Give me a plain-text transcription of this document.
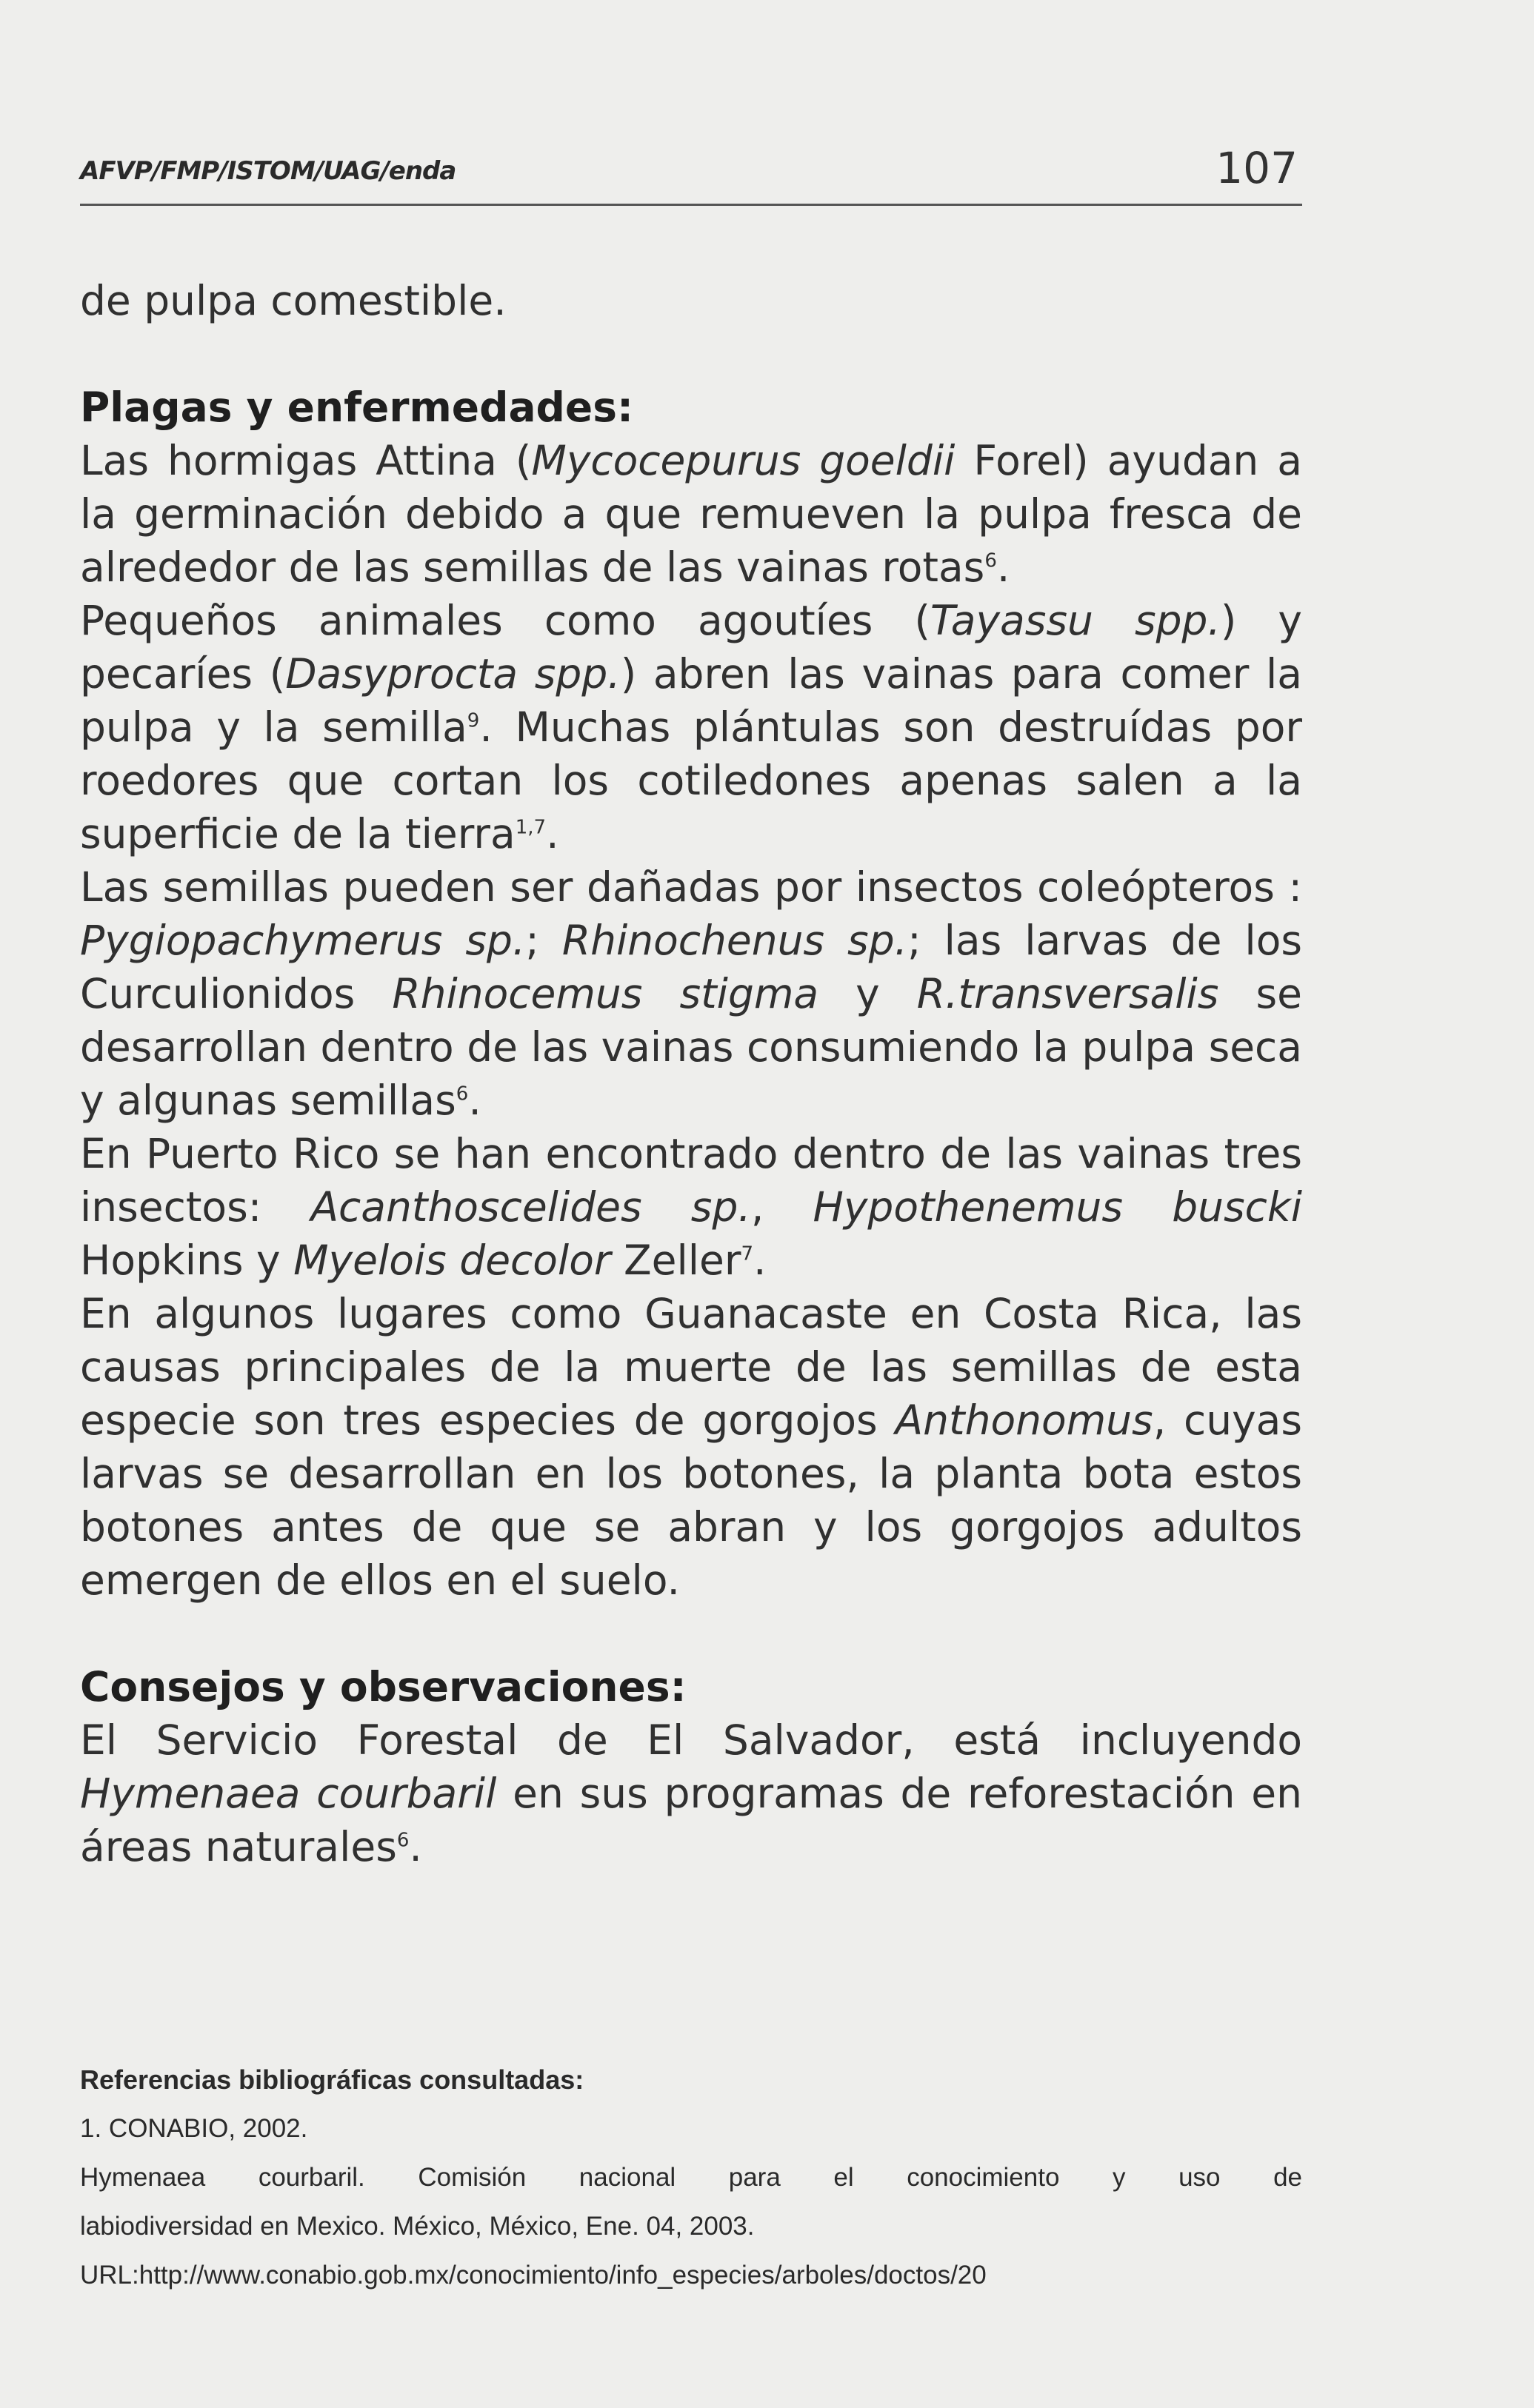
AFVP/FMP/ISTOM/UAG/enda	107

de pulpa comestible.

Plagas y enfermedades:

Las hormigas Attina (Mycocepurus goeldii Forel) ayudan a la germinación debido a que remueven la pulpa fresca de alrededor de las semillas de las vainas rotas$^6$.

Pequeños animales como agoutíes (Tayassu spp.) y pecaríes (Dasyprocta spp.) abren las vainas para comer la pulpa y la semilla$^9$. Muchas plántulas son destruídas por roedores que cortan los cotiledones apenas salen a la superficie de la tierra$^{1,7}$.

Las semillas pueden ser dañadas por insectos coleópteros : Pygiopachymerus sp.; Rhinochenus sp.; las larvas de los Curculionidos Rhinocemus stigma y R.transversalis se desarrollan dentro de las vainas consumiendo la pulpa seca y algunas semillas$^6$.

En Puerto Rico se han encontrado dentro de las vainas tres insectos: Acanthoscelides sp., Hypothenemus buscki Hopkins y Myelois decolor Zeller$^7$.

En algunos lugares como Guanacaste en Costa Rica, las causas principales de la muerte de las semillas de esta especie son tres especies de gorgojos Anthonomus, cuyas larvas se desarrollan en los botones, la planta bota estos botones antes de que se abran y los gorgojos adultos emergen de ellos en el suelo.

Consejos y observaciones:

El Servicio Forestal de El Salvador, está incluyendo Hymenaea courbaril en sus programas de reforestación en áreas naturales$^6$.

Referencias bibliográficas consultadas:
1. CONABIO, 2002.
Hymenaea courbaril. Comisión nacional para el conocimiento y uso de
labiodiversidad en Mexico. México, México, Ene. 04, 2003.
URL:http://www.conabio.gob.mx/conocimiento/info_especies/arboles/doctos/20
